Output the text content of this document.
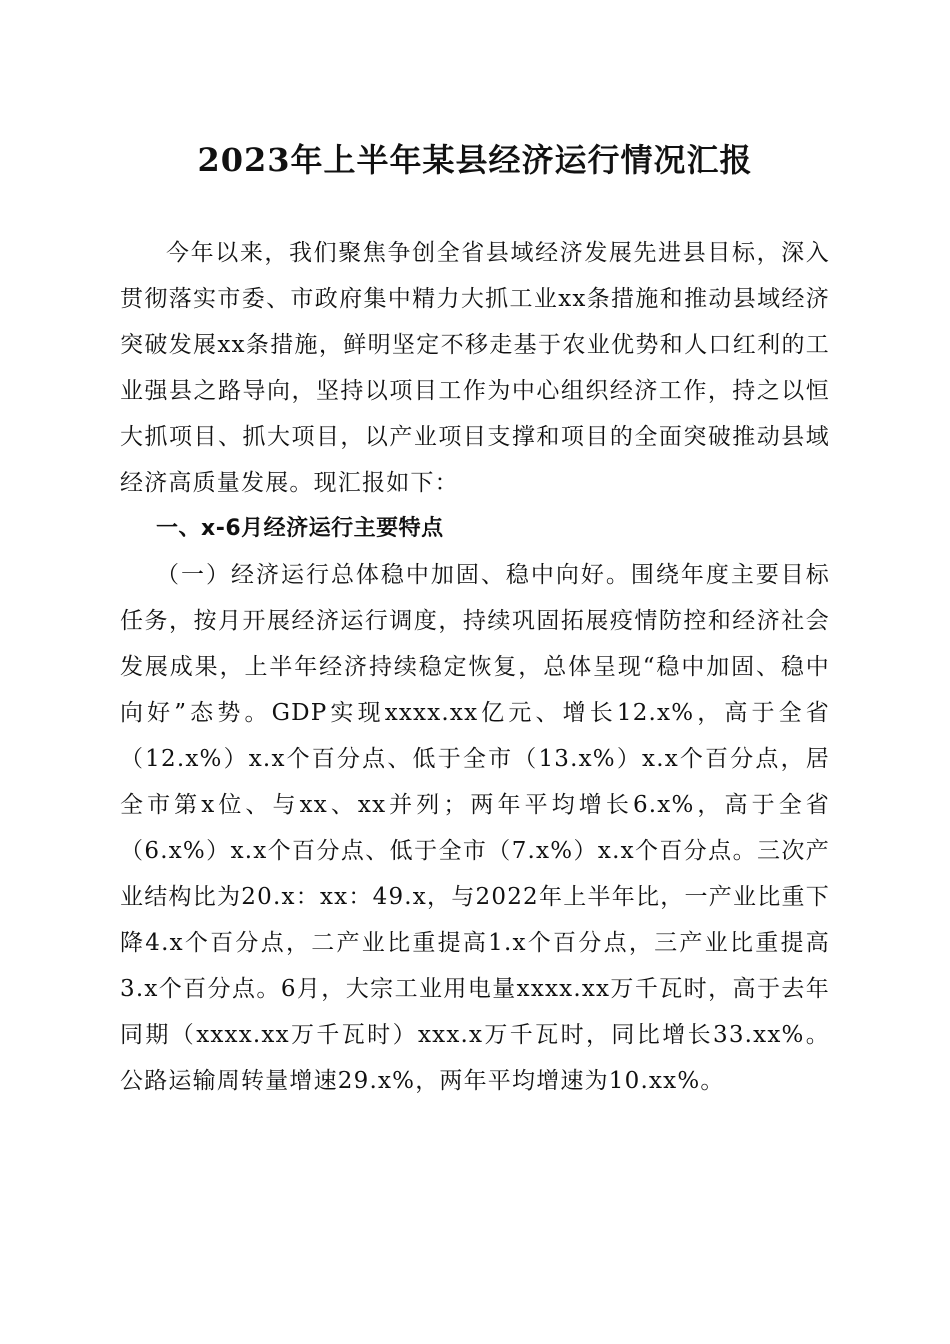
2023年上半年某县经济运行情况汇报

今年以来，我们聚焦争创全省县域经济发展先进县目标，深入贯彻落实市委、市政府集中精力大抓工业xx条措施和推动县域经济突破发展xx条措施，鲜明坚定不移走基于农业优势和人口红利的工业强县之路导向，坚持以项目工作为中心组织经济工作，持之以恒大抓项目、抓大项目，以产业项目支撑和项目的全面突破推动县域经济高质量发展。现汇报如下：

一、x-6月经济运行主要特点

（一）经济运行总体稳中加固、稳中向好。围绕年度主要目标任务，按月开展经济运行调度，持续巩固拓展疫情防控和经济社会发展成果，上半年经济持续稳定恢复，总体呈现“稳中加固、稳中向好”态势。GDP实现xxxx.xx亿元、增长12.x%，高于全省（12.x%）x.x个百分点、低于全市（13.x%）x.x个百分点，居全市第x位、与xx、xx并列；两年平均增长6.x%，高于全省（6.x%）x.x个百分点、低于全市（7.x%）x.x个百分点。三次产业结构比为20.x：xx：49.x，与2022年上半年比，一产业比重下降4.x个百分点，二产业比重提高1.x个百分点，三产业比重提高3.x个百分点。6月，大宗工业用电量xxxx.xx万千瓦时，高于去年同期（xxxx.xx万千瓦时）xxx.x万千瓦时，同比增长33.xx%。公路运输周转量增速29.x%，两年平均增速为10.xx%。
